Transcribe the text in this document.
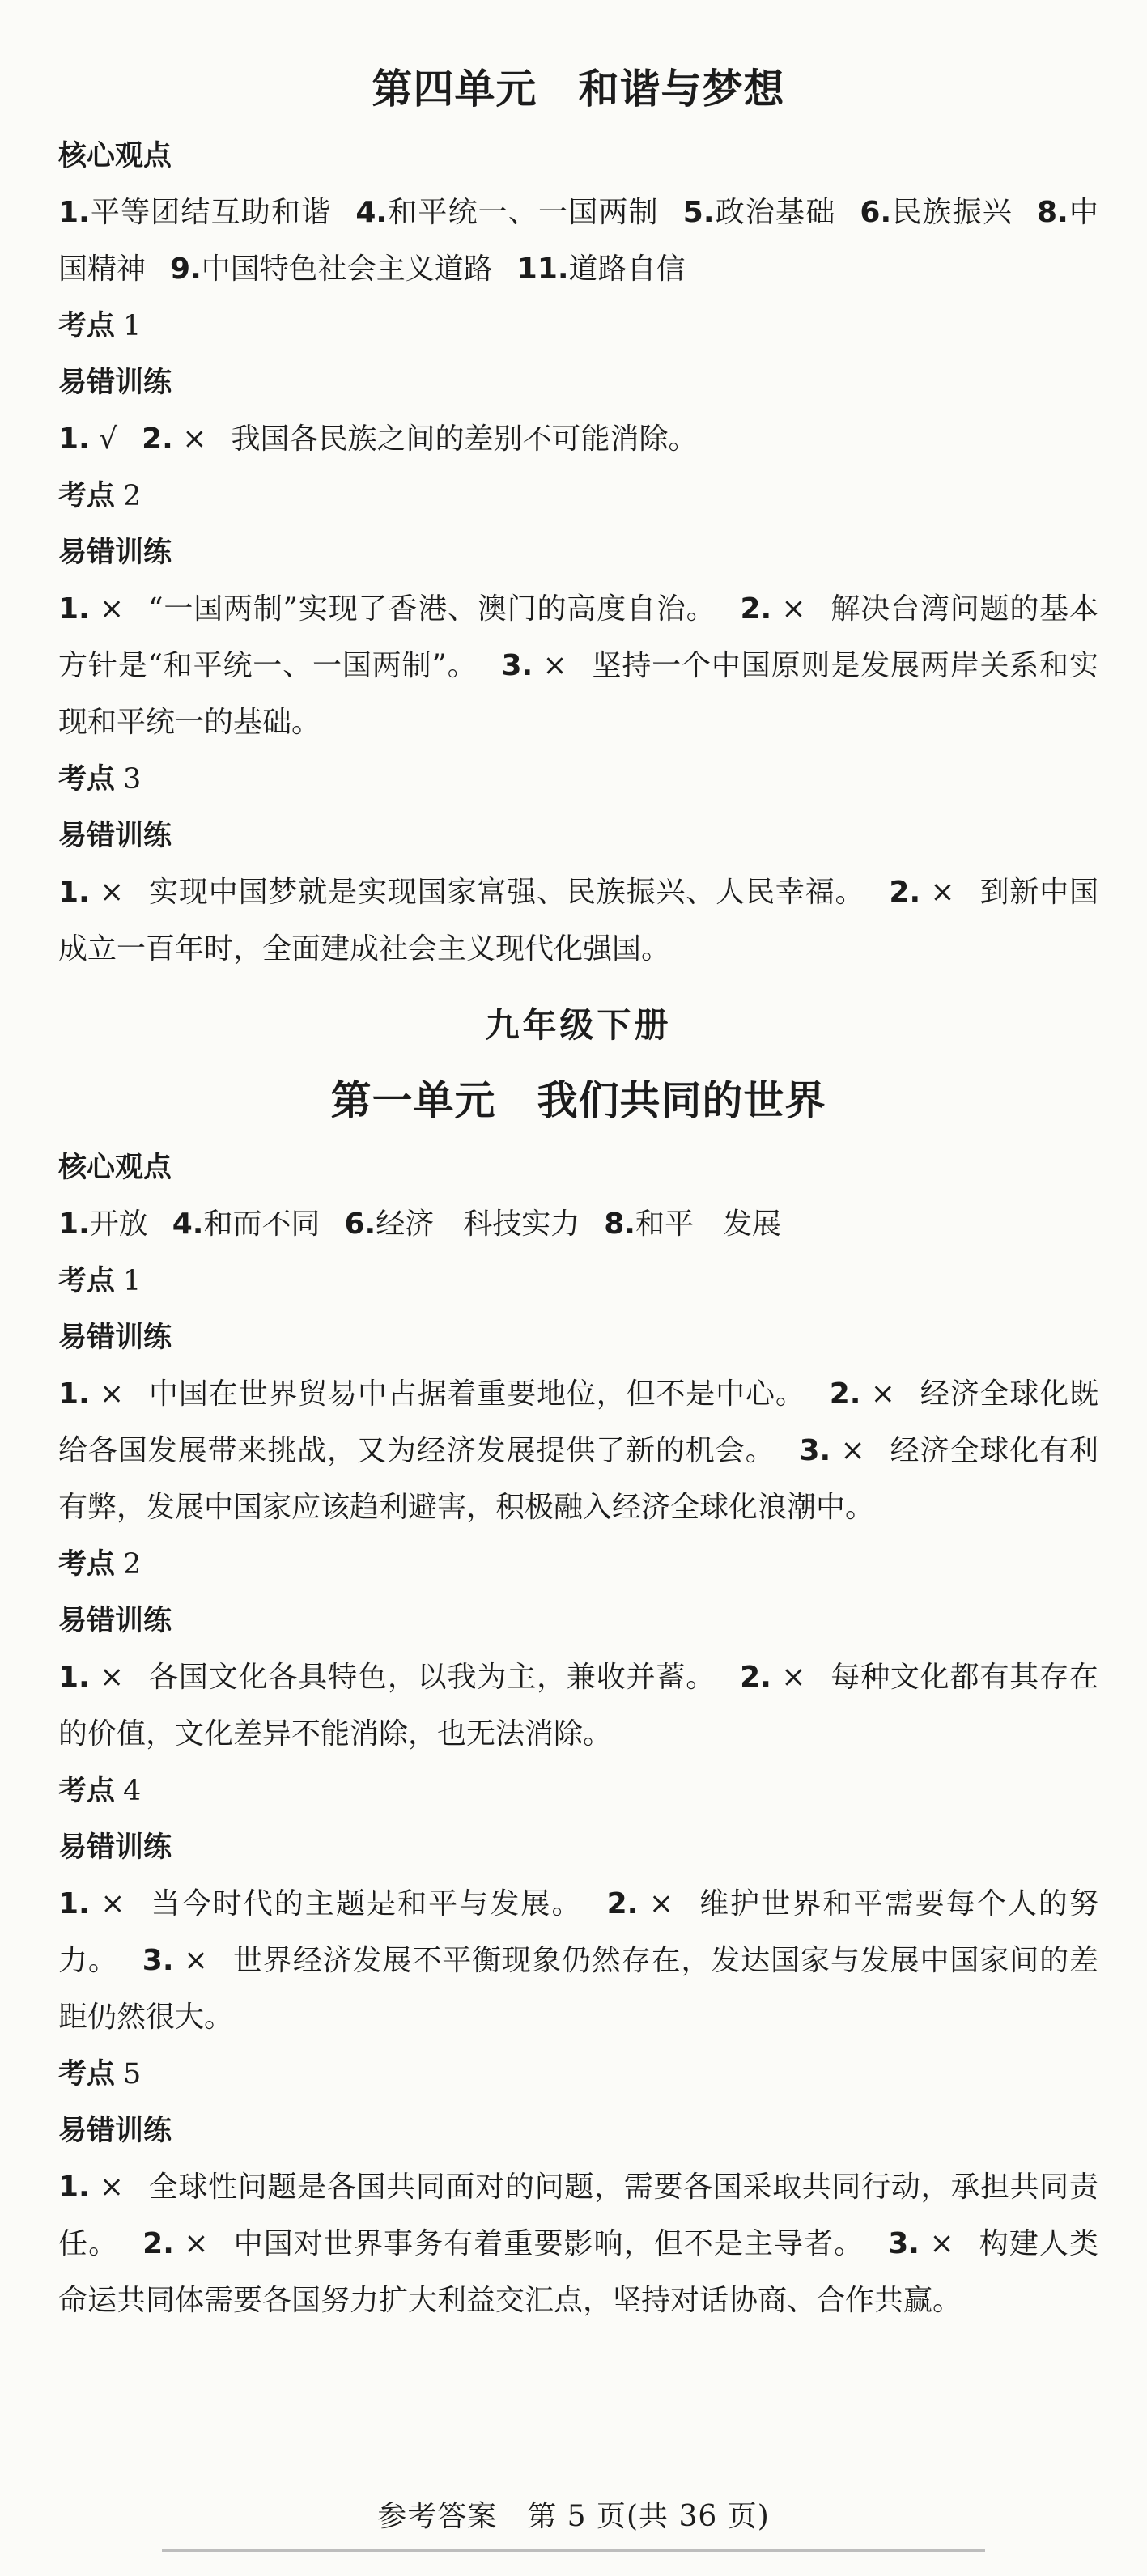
第四单元　和谐与梦想
核心观点

1.平等团结互助和谐 4.和平统一、一国两制 5.政治基础 6.民族振兴 8.中国精神 9.中国特色社会主义道路 11.道路自信

考点 1
易错训练

1. √ 2. × 我国各民族之间的差别不可能消除。

考点 2
易错训练

1. × “一国两制”实现了香港、澳门的高度自治。 2. × 解决台湾问题的基本方针是“和平统一、一国两制”。 3. × 坚持一个中国原则是发展两岸关系和实现和平统一的基础。

考点 3
易错训练

1. × 实现中国梦就是实现国家富强、民族振兴、人民幸福。 2. × 到新中国成立一百年时，全面建成社会主义现代化强国。

九年级下册
第一单元　我们共同的世界
核心观点

1.开放 4.和而不同 6.经济　科技实力 8.和平　发展

考点 1
易错训练

1. × 中国在世界贸易中占据着重要地位，但不是中心。 2. × 经济全球化既给各国发展带来挑战，又为经济发展提供了新的机会。 3. × 经济全球化有利有弊，发展中国家应该趋利避害，积极融入经济全球化浪潮中。

考点 2
易错训练

1. × 各国文化各具特色，以我为主，兼收并蓄。 2. × 每种文化都有其存在的价值，文化差异不能消除，也无法消除。

考点 4
易错训练

1. × 当今时代的主题是和平与发展。 2. × 维护世界和平需要每个人的努力。 3. × 世界经济发展不平衡现象仍然存在，发达国家与发展中国家间的差距仍然很大。

考点 5
易错训练

1. × 全球性问题是各国共同面对的问题，需要各国采取共同行动，承担共同责任。 2. × 中国对世界事务有着重要影响，但不是主导者。 3. × 构建人类命运共同体需要各国努力扩大利益交汇点，坚持对话协商、合作共赢。

参考答案　第 5 页(共 36 页)
